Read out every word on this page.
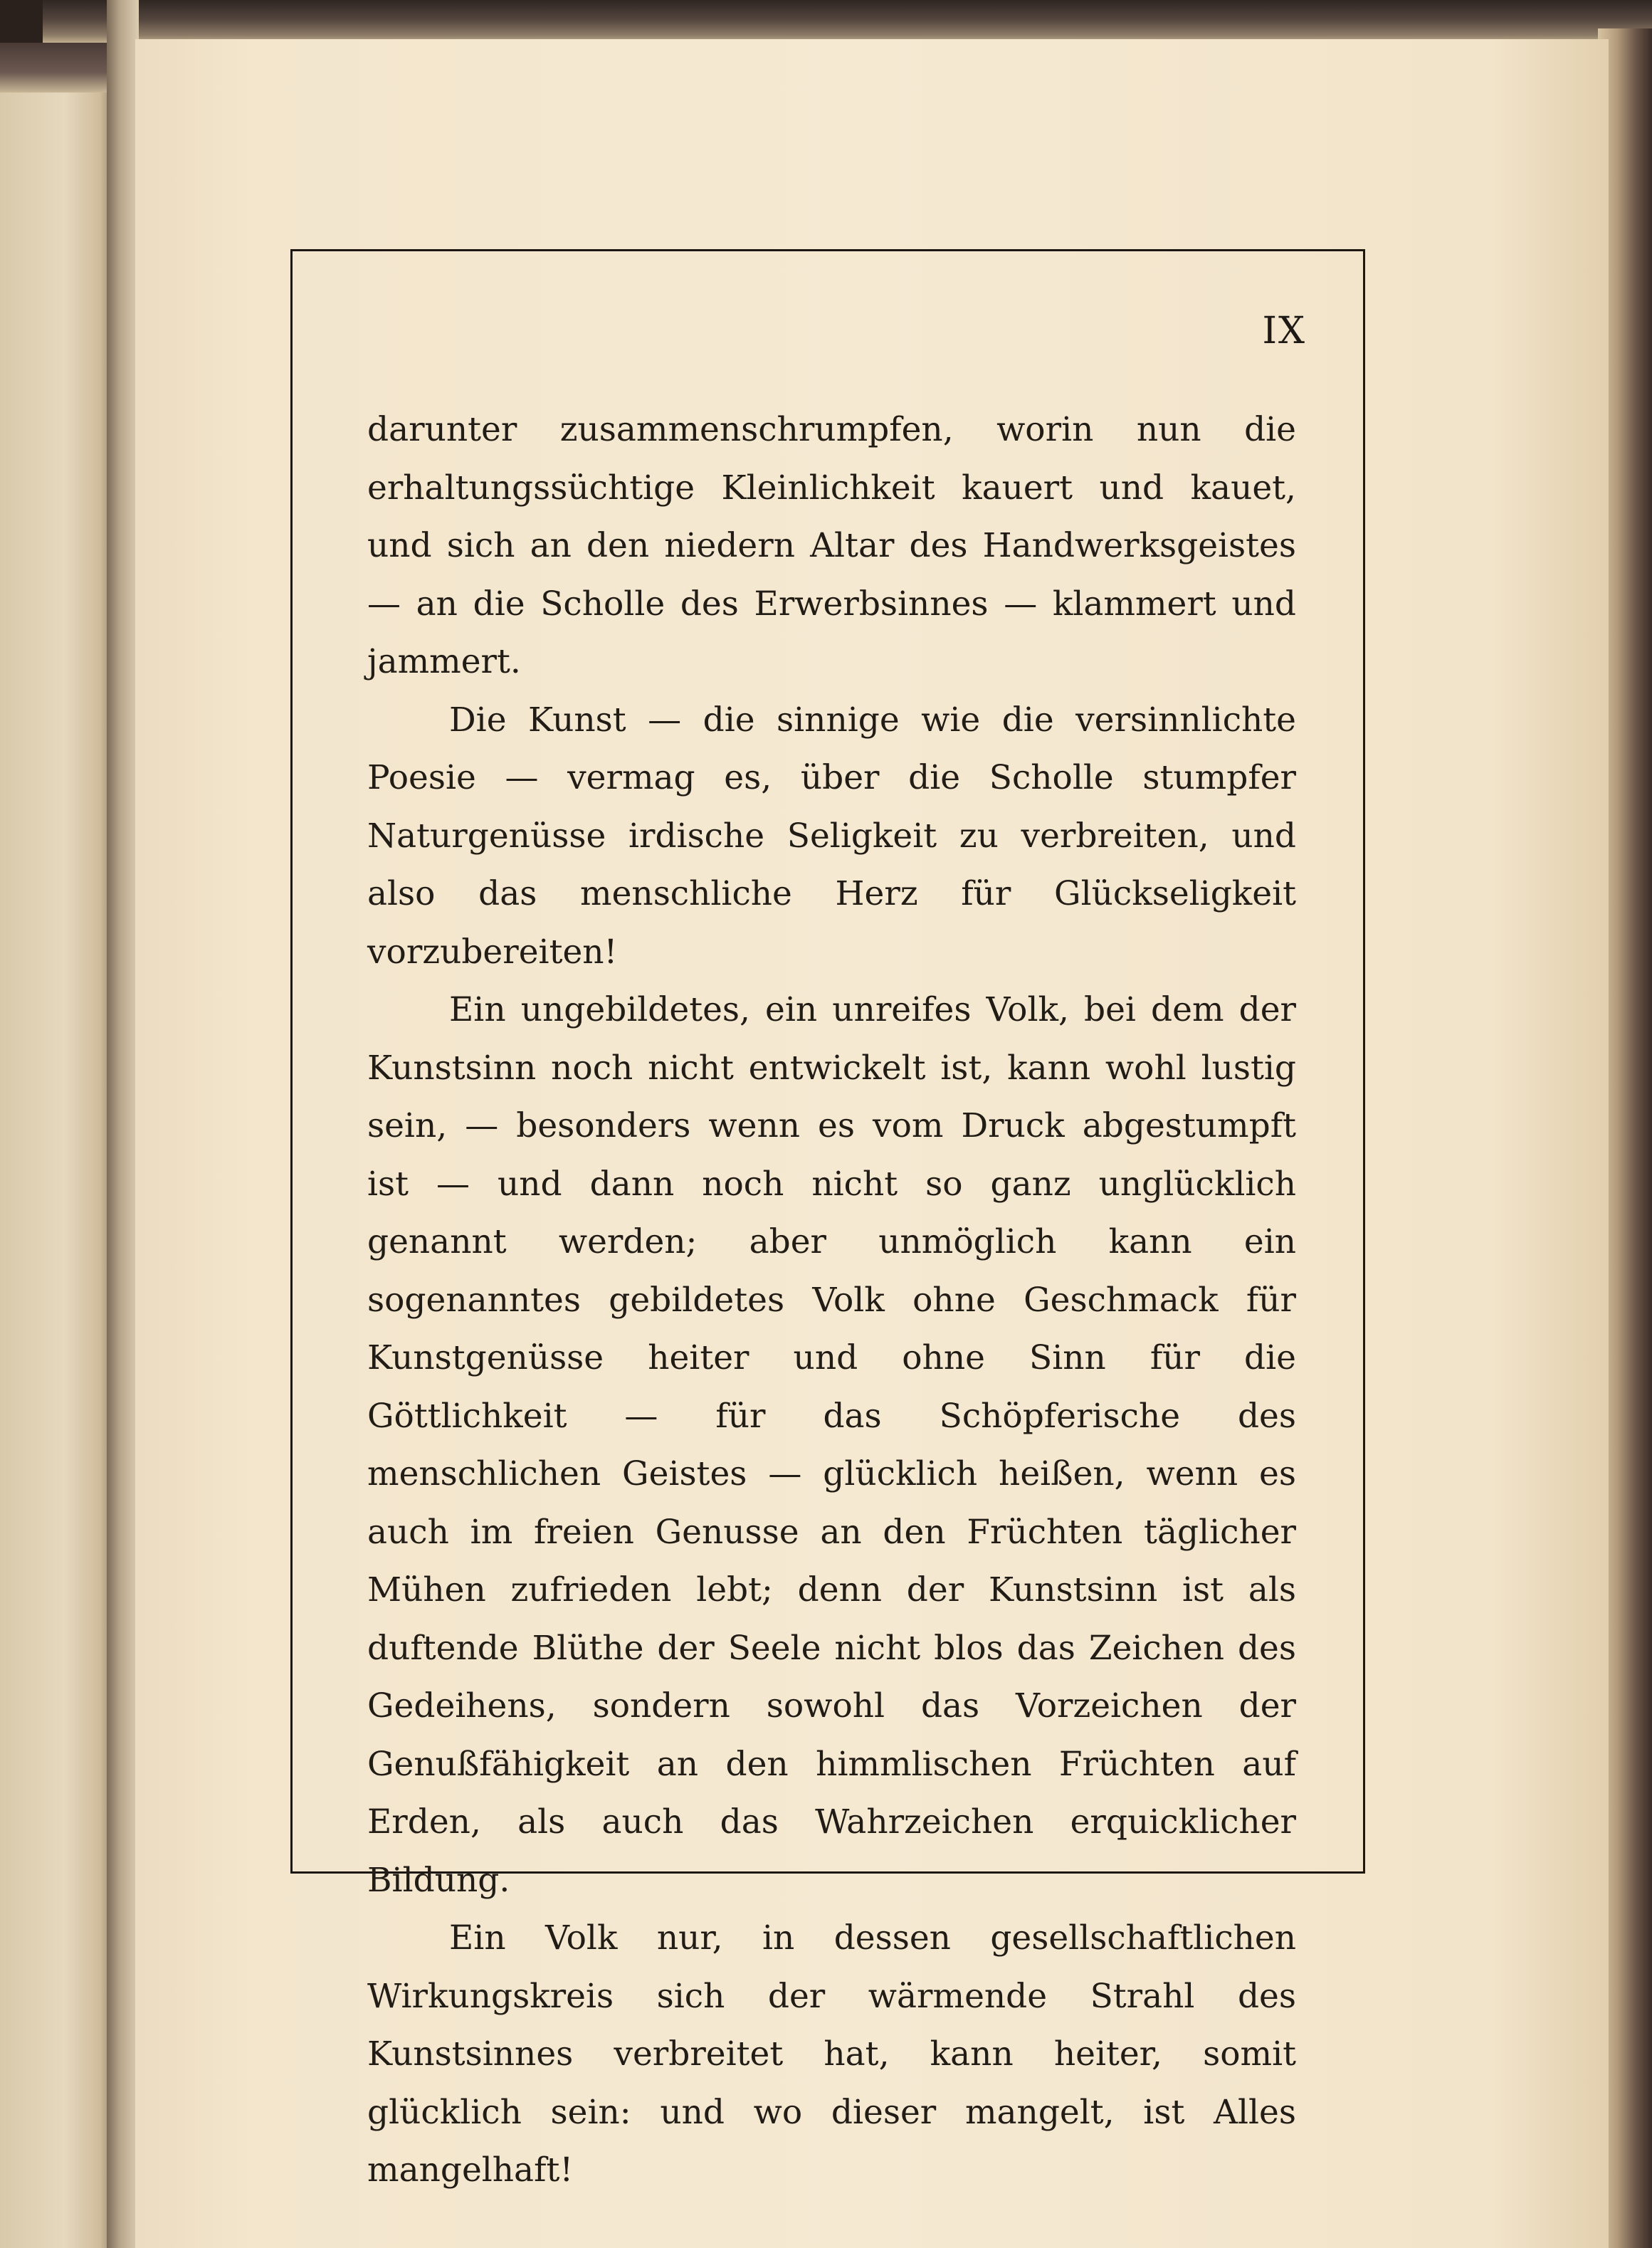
IX

darunter zusammenschrumpfen, worin nun die erhaltungssüchtige Kleinlichkeit kauert und kauet, und sich an den niedern Altar des Handwerksgeistes — an die Scholle des Erwerbsinnes — klammert und jammert.

Die Kunst — die sinnige wie die versinnlichte Poesie — vermag es, über die Scholle stumpfer Naturgenüsse irdische Seligkeit zu verbreiten, und also das menschliche Herz für Glückseligkeit vorzubereiten!

Ein ungebildetes, ein unreifes Volk, bei dem der Kunstsinn noch nicht entwickelt ist, kann wohl lustig sein, — besonders wenn es vom Druck abgestumpft ist — und dann noch nicht so ganz unglücklich genannt werden; aber unmöglich kann ein sogenanntes gebildetes Volk ohne Geschmack für Kunstgenüsse heiter und ohne Sinn für die Göttlichkeit — für das Schöpferische des menschlichen Geistes — glücklich heißen, wenn es auch im freien Genusse an den Früchten täglicher Mühen zufrieden lebt; denn der Kunstsinn ist als duftende Blüthe der Seele nicht blos das Zeichen des Gedeihens, sondern sowohl das Vorzeichen der Genußfähigkeit an den himmlischen Früchten auf Erden, als auch das Wahrzeichen erquicklicher Bildung.

Ein Volk nur, in dessen gesellschaftlichen Wirkungskreis sich der wärmende Strahl des Kunstsinnes verbreitet hat, kann heiter, somit glücklich sein: und wo dieser mangelt, ist Alles mangelhaft!
